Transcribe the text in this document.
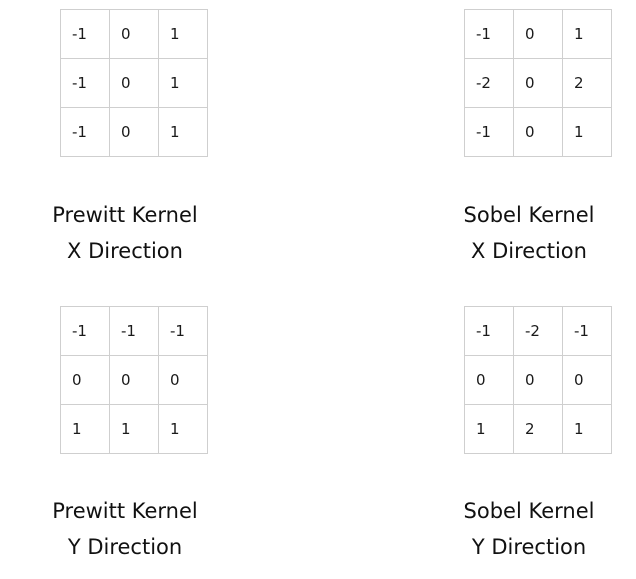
-1	0	1
-1	0	1
-1	0	1
Prewitt Kernel
X Direction
-1	0	1
-2	0	2
-1	0	1
Sobel Kernel
X Direction
-1	-1	-1
0	0	0
1	1	1
Prewitt Kernel
Y Direction
-1	-2	-1
0	0	0
1	2	1
Sobel Kernel
Y Direction
